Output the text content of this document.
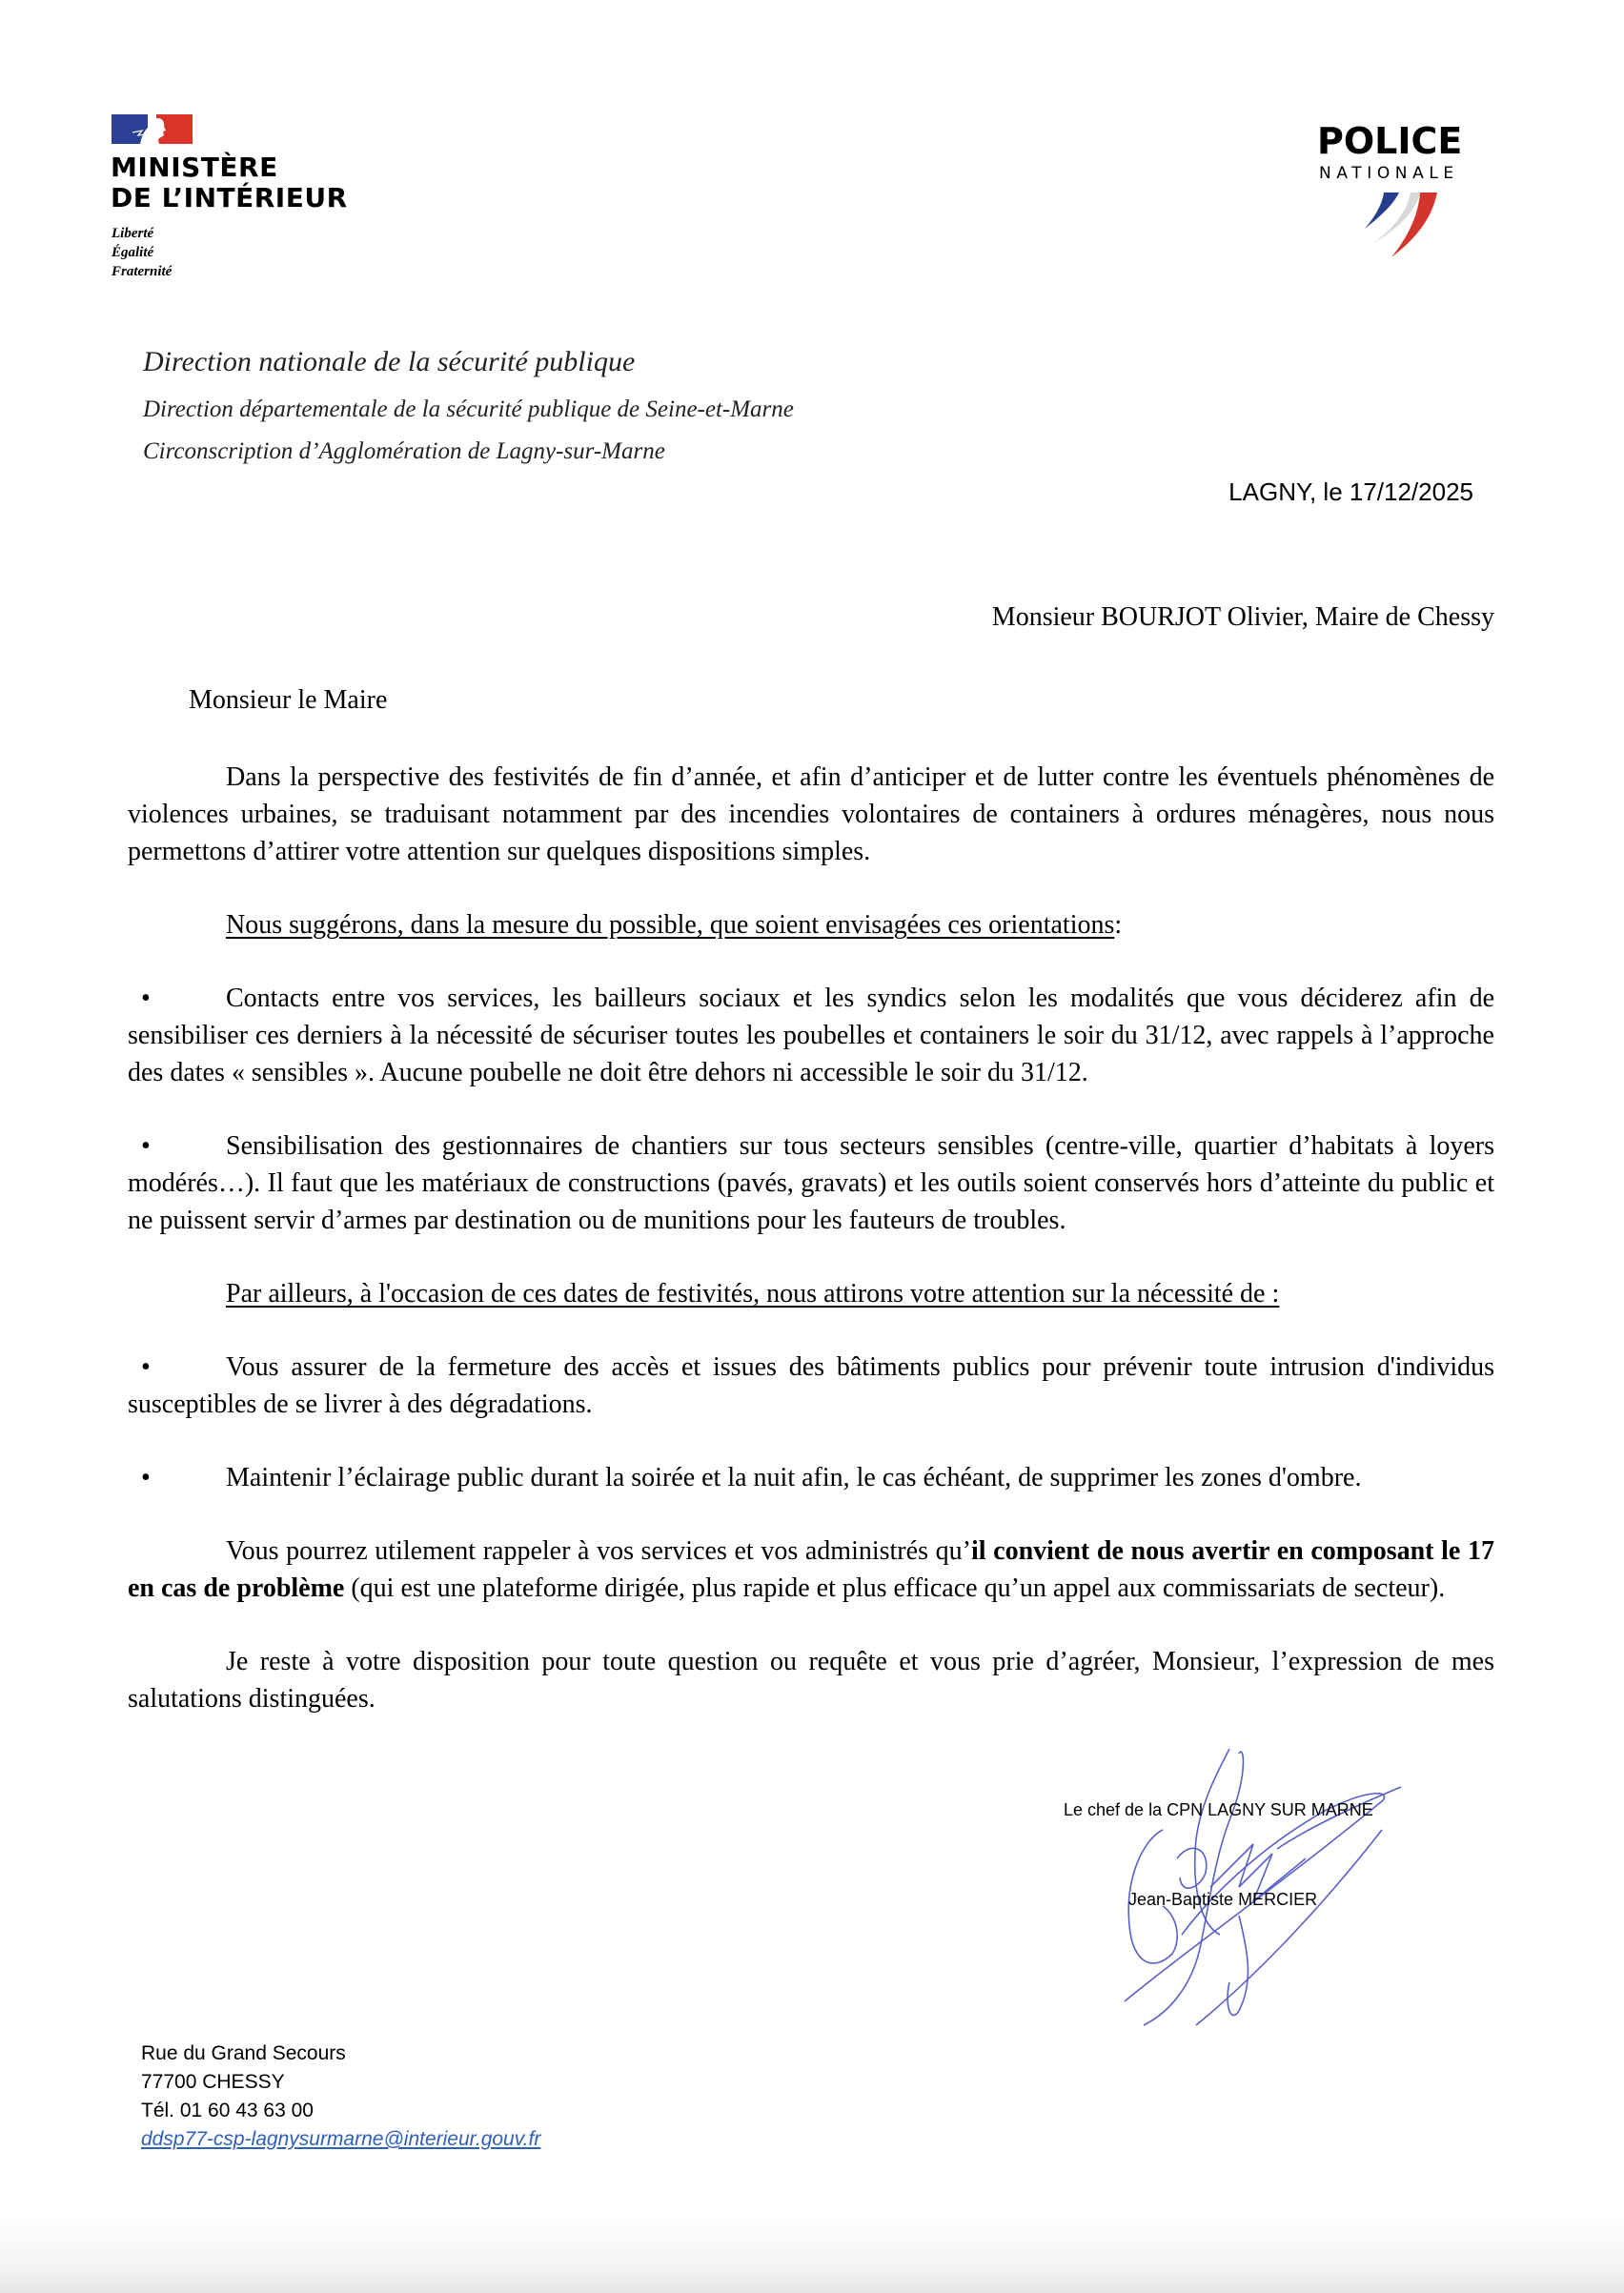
MINISTÈRE
DE L’INTÉRIEUR
Liberté
Égalité
Fraternité
POLICE
NATIONALE
Direction nationale de la sécurité publique
Direction départementale de la sécurité publique de Seine-et-Marne
Circonscription d’Agglomération de Lagny-sur-Marne
LAGNY, le 17/12/2025
Monsieur BOURJOT Olivier, Maire de Chessy
Monsieur le Maire
Dans la perspective des festivités de fin d’année, et afin d’anticiper et de lutter contre les éventuels phénomènes de violences urbaines, se traduisant notamment par des incendies volontaires de containers à ordures ménagères, nous nous permettons d’attirer votre attention sur quelques dispositions simples.
Nous suggérons, dans la mesure du possible, que soient envisagées ces orientations:
•	Contacts entre vos services, les bailleurs sociaux et les syndics selon les modalités que vous déciderez afin de sensibiliser ces derniers à la nécessité de sécuriser toutes les poubelles et containers le soir du 31/12, avec rappels à l’approche des dates « sensibles ». Aucune poubelle ne doit être dehors ni accessible le soir du 31/12.
•	Sensibilisation des gestionnaires de chantiers sur tous secteurs sensibles (centre-ville, quartier d’habitats à loyers modérés…). Il faut que les matériaux de constructions (pavés, gravats) et les outils soient conservés hors d’atteinte du public et ne puissent servir d’armes par destination ou de munitions pour les fauteurs de troubles.
Par ailleurs, à l'occasion de ces dates de festivités, nous attirons votre attention sur la nécessité de :
•	Vous assurer de la fermeture des accès et issues des bâtiments publics pour prévenir toute intrusion d'individus susceptibles de se livrer à des dégradations.
•	Maintenir l’éclairage public durant la soirée et la nuit afin, le cas échéant, de supprimer les zones d'ombre.
Vous pourrez utilement rappeler à vos services et vos administrés qu’il convient de nous avertir en composant le 17 en cas de problème (qui est une plateforme dirigée, plus rapide et plus efficace qu’un appel aux commissariats de secteur).
Je reste à votre disposition pour toute question ou requête et vous prie d’agréer, Monsieur, l’expression de mes salutations distinguées.
Le chef de la CPN LAGNY SUR MARNE
Jean-Baptiste MERCIER
Rue du Grand Secours
77700 CHESSY
Tél. 01 60 43 63 00
ddsp77-csp-lagnysurmarne@interieur.gouv.fr
